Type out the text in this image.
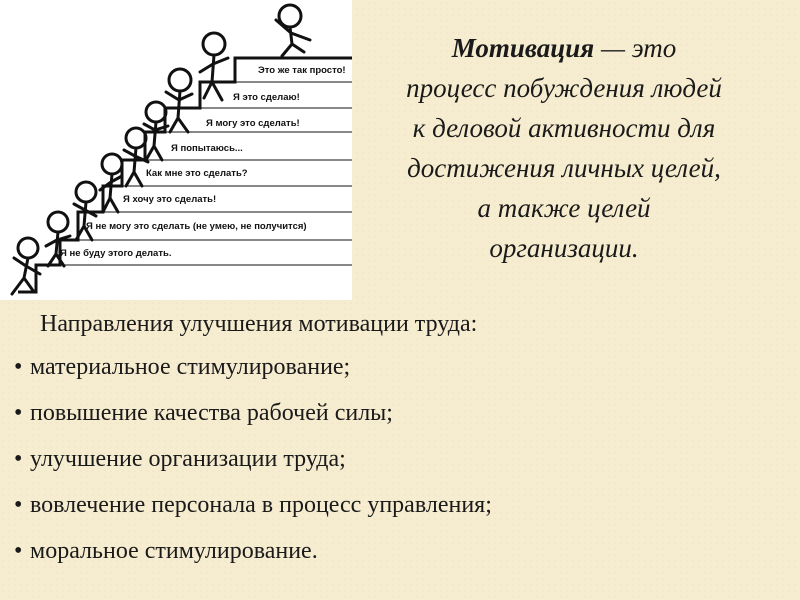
Это же так просто!
Я это сделаю!
Я могу это сделать!
Я попытаюсь...
Как мне это сделать?
Я хочу это сделать!
Я не могу это сделать (не умею, не получится)
Я не буду этого делать.
Мотивация — это
процесс побуждения людей
к деловой активности для
достижения личных целей,
а также целей
организации.
Направления улучшения мотивации труда:
• материальное стимулирование;
• повышение качества рабочей силы;
• улучшение организации труда;
• вовлечение персонала в процесс управления;
• моральное стимулирование.
